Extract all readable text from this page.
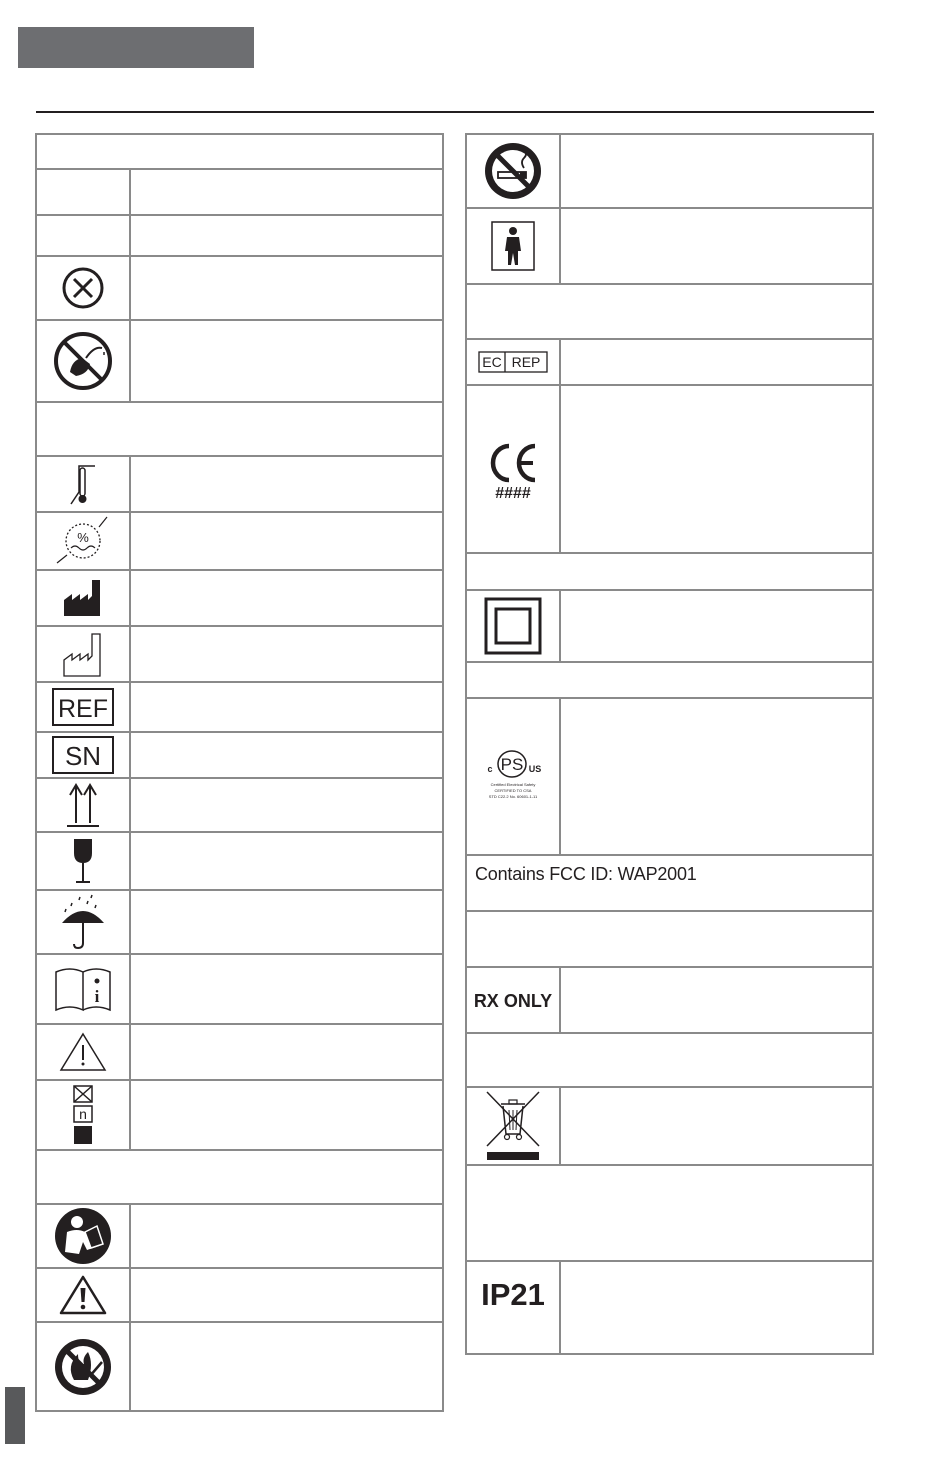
%
REF
SN
i
n
EC REP
####
PS
c	US
Certified Electrical Safety
CERTIFIED TO CSA
STD C22.2 No. 60601-1-11
Contains FCC ID: WAP2001
RX ONLY
IP21
